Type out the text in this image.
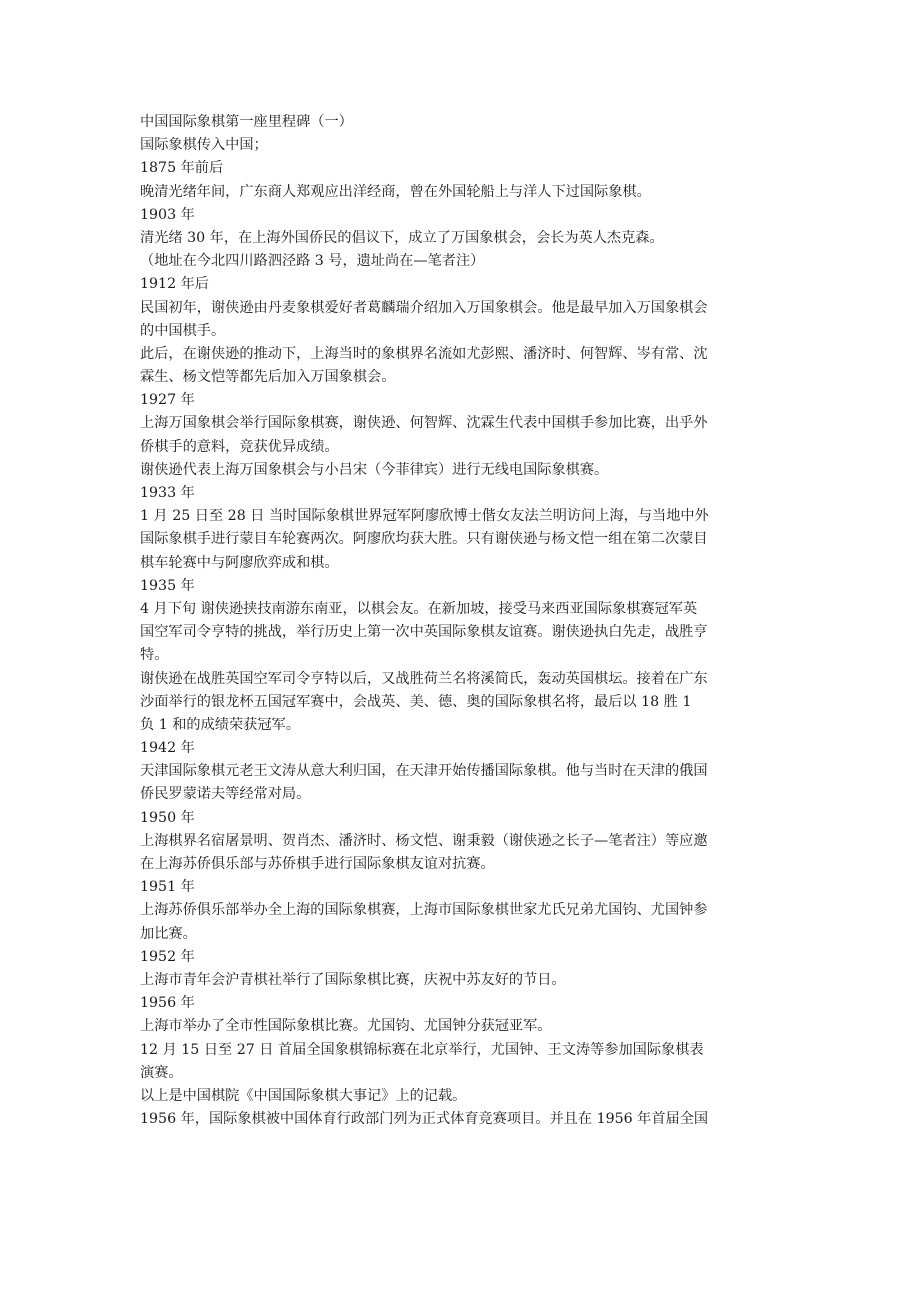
中国国际象棋第一座里程碑（一）
国际象棋传入中国；
1875 年前后
晚清光绪年间，广东商人郑观应出洋经商，曾在外国轮船上与洋人下过国际象棋。
1903 年
清光绪 30 年，在上海外国侨民的倡议下，成立了万国象棋会，会长为英人杰克森。
（地址在今北四川路泗泾路 3 号，遗址尚在—笔者注）
1912 年后
民国初年，谢侠逊由丹麦象棋爱好者葛麟瑞介绍加入万国象棋会。他是最早加入万国象棋会
的中国棋手。
此后，在谢侠逊的推动下，上海当时的象棋界名流如尤彭熙、潘济时、何智辉、岑有常、沈
霖生、杨文恺等都先后加入万国象棋会。
1927 年
上海万国象棋会举行国际象棋赛，谢侠逊、何智辉、沈霖生代表中国棋手参加比赛，出乎外
侨棋手的意料，竞获优异成绩。
谢侠逊代表上海万国象棋会与小吕宋（今菲律宾）进行无线电国际象棋赛。
1933 年
1 月 25 日至 28 日 当时国际象棋世界冠军阿廖欣博士偕女友法兰明访问上海，与当地中外
国际象棋手进行蒙目车轮赛两次。阿廖欣均获大胜。只有谢侠逊与杨文恺一组在第二次蒙目
棋车轮赛中与阿廖欣弈成和棋。
1935 年
4 月下旬 谢侠逊挟技南游东南亚，以棋会友。在新加坡，接受马来西亚国际象棋赛冠军英
国空军司令亨特的挑战，举行历史上第一次中英国际象棋友谊赛。谢侠逊执白先走，战胜亨
特。
谢侠逊在战胜英国空军司令亨特以后，又战胜荷兰名将溪简氏，轰动英国棋坛。接着在广东
沙面举行的银龙杯五国冠军赛中，会战英、美、德、奥的国际象棋名将，最后以 18 胜 1
负 1 和的成绩荣获冠军。
1942 年
天津国际象棋元老王文涛从意大利归国，在天津开始传播国际象棋。他与当时在天津的俄国
侨民罗蒙诺夫等经常对局。
1950 年
上海棋界名宿屠景明、贺肖杰、潘济时、杨文恺、谢秉毅（谢侠逊之长子—笔者注）等应邀
在上海苏侨俱乐部与苏侨棋手进行国际象棋友谊对抗赛。
1951 年
上海苏侨俱乐部举办全上海的国际象棋赛，上海市国际象棋世家尤氏兄弟尤国钧、尤国钟参
加比赛。
1952 年
上海市青年会沪青棋社举行了国际象棋比赛，庆祝中苏友好的节日。
1956 年
上海市举办了全市性国际象棋比赛。尤国钧、尤国钟分获冠亚军。
12 月 15 日至 27 日 首届全国象棋锦标赛在北京举行，尤国钟、王文涛等参加国际象棋表
演赛。
以上是中国棋院《中国国际象棋大事记》上的记载。
1956 年，国际象棋被中国体育行政部门列为正式体育竞赛项目。并且在 1956 年首届全国
